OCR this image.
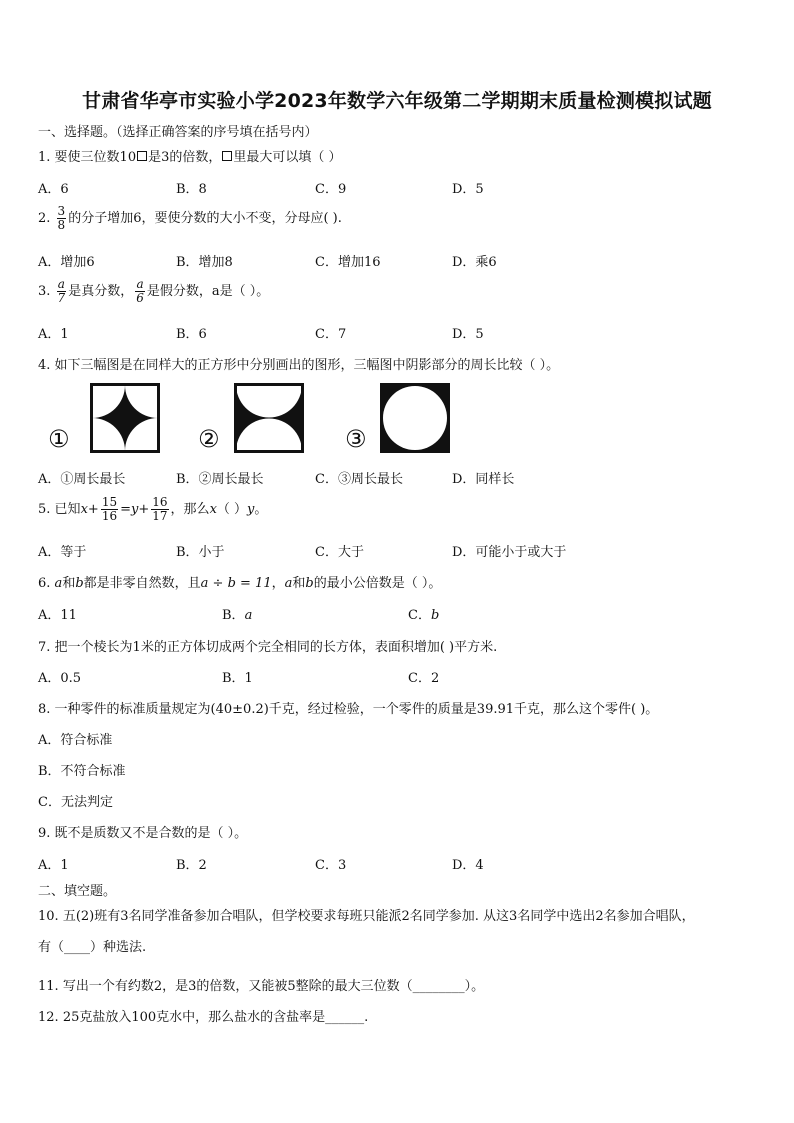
甘肃省华亭市实验小学2023年数学六年级第二学期期末质量检测模拟试题
一、选择题。（选择正确答案的序号填在括号内）
1. 要使三位数10 是3的倍数， 里最大可以填（ ）
A．6	B．8	C．9	D．5
2. $\frac{3}{8}$ 的分子增加6，要使分数的大小不变，分母应( ).
A．增加6	B．增加8	C．增加16	D．乘6
3. $\frac{a}{7}$ 是真分数， $\frac{a}{6}$ 是假分数，a是（ ）。
A．1	B．6	C．7	D．5
4. 如下三幅图是在同样大的正方形中分别画出的图形，三幅图中阴影部分的周长比较（ ）。
①	②	③
A．①周长最长	B．②周长最长	C．③周长最长	D．同样长
5. 已知$x+ \frac{15}{16} =y+ \frac{16}{17}$ ，那么x（ ）y。
A．等于	B．小于	C．大于	D．可能小于或大于
6. a和b都是非零自然数，且a ÷ b = 11，a和b的最小公倍数是（ ）。
A．11	B．a	C．b
7. 把一个棱长为1米的正方体切成两个完全相同的长方体，表面积增加( )平方米.
A．0.5	B．1	C．2
8. 一种零件的标准质量规定为(40±0.2)千克，经过检验，一个零件的质量是39.91千克，那么这个零件( )。
A．符合标准
B．不符合标准
C．无法判定
9. 既不是质数又不是合数的是（ ）。
A．1	B．2	C．3	D．4
二、填空题。
10. 五(2)班有3名同学准备参加合唱队，但学校要求每班只能派2名同学参加. 从这3名同学中选出2名参加合唱队，
有（____）种选法.
11. 写出一个有约数2，是3的倍数，又能被5整除的最大三位数（________）。
12. 25克盐放入100克水中，那么盐水的含盐率是______.
